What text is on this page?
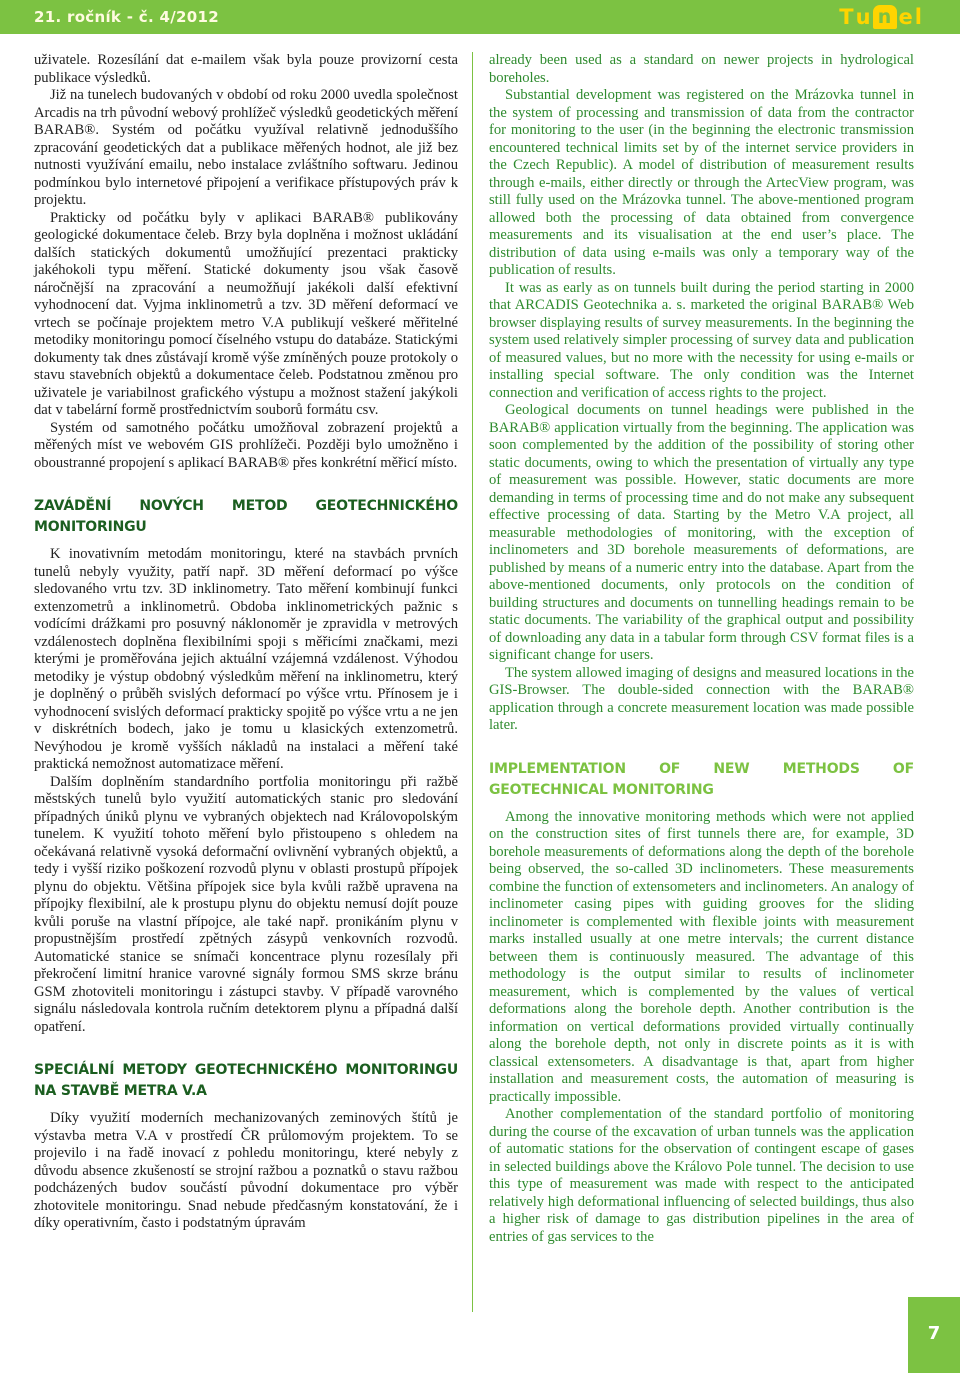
21. ročník - č. 4/2012	T u n e l

uživatele. Rozesílání dat e-mailem však byla pouze provizorní cesta publikace výsledků.

Již na tunelech budovaných v období od roku 2000 uvedla společnost Arcadis na trh původní webový prohlížeč výsledků geodetických měření BARAB®. Systém od počátku využíval relativně jednoduššího zpracování geodetických dat a publikace měřených hodnot, ale již bez nutnosti využívání emailu, nebo instalace zvláštního softwaru. Jedinou podmínkou bylo internetové připojení a verifikace přístupových práv k projektu.

Prakticky od počátku byly v aplikaci BARAB® publikovány geologické dokumentace čeleb. Brzy byla doplněna i možnost ukládání dalších statických dokumentů umožňující prezentaci prakticky jakéhokoli typu měření. Statické dokumenty jsou však časově náročnější na zpracování a neumožňují jakékoli další efektivní vyhodnocení dat. Vyjma inklinometrů a tzv. 3D měření deformací ve vrtech se počínaje projektem metro V.A publikují veškeré měřitelné metodiky monitoringu pomocí číselného vstupu do databáze. Statickými dokumenty tak dnes zůstávají kromě výše zmíněných pouze protokoly o stavu stavebních objektů a dokumentace čeleb. Podstatnou změnou pro uživatele je variabilnost grafického výstupu a možnost stažení jakýkoli dat v tabelární formě prostřednictvím souborů formátu csv.

Systém od samotného počátku umožňoval zobrazení projektů a měřených míst ve webovém GIS prohlížeči. Později bylo umožněno i oboustranné propojení s aplikací BARAB® přes konkrétní měřicí místo.

ZAVÁDĚNÍ NOVÝCH METOD GEOTECHNICKÉHO MONITORINGU

K inovativním metodám monitoringu, které na stavbách prvních tunelů nebyly využity, patří např. 3D měření deformací po výšce sledovaného vrtu tzv. 3D inklinometry. Tato měření kombinují funkci extenzometrů a inklinometrů. Obdoba inklinometrických pažnic s vodícími drážkami pro posuvný náklonoměr je zpravidla v metrových vzdálenostech doplněna flexibilními spoji s měřicími značkami, mezi kterými je proměřována jejich aktuální vzájemná vzdálenost. Výhodou metodiky je výstup obdobný výsledkům měření na inklinometru, který je doplněný o průběh svislých deformací po výšce vrtu. Přínosem je i vyhodnocení svislých deformací prakticky spojitě po výšce vrtu a ne jen v diskrétních bodech, jako je tomu u klasických extenzometrů. Nevýhodou je kromě vyšších nákladů na instalaci a měření také praktická nemožnost automatizace měření.

Dalším doplněním standardního portfolia monitoringu při ražbě městských tunelů bylo využití automatických stanic pro sledování případných úniků plynu ve vybraných objektech nad Královopolským tunelem. K využití tohoto měření bylo přistoupeno s ohledem na očekávaná relativně vysoká deformační ovlivnění vybraných objektů, a tedy i vyšší riziko poškození rozvodů plynu v oblasti prostupů přípojek plynu do objektu. Většina přípojek sice byla kvůli ražbě upravena na přípojky flexibilní, ale k prostupu plynu do objektu nemusí dojít pouze kvůli poruše na vlastní přípojce, ale také např. pronikáním plynu v propustnějším prostředí zpětných zásypů venkovních rozvodů. Automatické stanice se snímači koncentrace plynu rozesílaly při překročení limitní hranice varovné signály formou SMS skrze bránu GSM zhotoviteli monitoringu i zástupci stavby. V případě varovného signálu následovala kontrola ručním detektorem plynu a případná další opatření.

SPECIÁLNÍ METODY GEOTECHNICKÉHO MONITORINGU NA STAVBĚ METRA V.A

Díky využití moderních mechanizovaných zeminových štítů je výstavba metra V.A v prostředí ČR průlomovým projektem. To se projevilo i na řadě inovací z pohledu monitoringu, které nebyly z důvodu absence zkušeností se strojní ražbou a poznatků o stavu ražbou podcházených budov součástí původní dokumentace pro výběr zhotovitele monitoringu. Snad nebude předčasným konstatování, že i díky operativním, často i podstatným úpravám

already been used as a standard on newer projects in hydrological boreholes.

Substantial development was registered on the Mrázovka tunnel in the system of processing and transmission of data from the contractor for monitoring to the user (in the beginning the electronic transmission encountered technical limits set by of the internet service providers in the Czech Republic). A model of distribution of measurement results through e-mails, either directly or through the ArtecView program, was still fully used on the Mrázovka tunnel. The above-mentioned program allowed both the processing of data obtained from convergence measurements and its visualisation at the end user’s place. The distribution of data using e-mails was only a temporary way of the publication of results.

It was as early as on tunnels built during the period starting in 2000 that ARCADIS Geotechnika a. s. marketed the original BARAB® Web browser displaying results of survey measurements. In the beginning the system used relatively simpler processing of survey data and publication of measured values, but no more with the necessity for using e-mails or installing special software. The only condition was the Internet connection and verification of access rights to the project.

Geological documents on tunnel headings were published in the BARAB® application virtually from the beginning. The application was soon complemented by the addition of the possibility of storing other static documents, owing to which the presentation of virtually any type of measurement was possible. However, static documents are more demanding in terms of processing time and do not make any subsequent effective processing of data. Starting by the Metro V.A project, all measurable methodologies of monitoring, with the exception of inclinometers and 3D borehole measurements of deformations, are published by means of a numeric entry into the database. Apart from the above-mentioned documents, only protocols on the condition of building structures and documents on tunnelling headings remain to be static documents. The variability of the graphical output and possibility of downloading any data in a tabular form through CSV format files is a significant change for users.

The system allowed imaging of designs and measured locations in the GIS-Browser. The double-sided connection with the BARAB® application through a concrete measurement location was made possible later.

IMPLEMENTATION OF NEW METHODS OF GEOTECHNICAL MONITORING

Among the innovative monitoring methods which were not applied on the construction sites of first tunnels there are, for example, 3D borehole measurements of deformations along the depth of the borehole being observed, the so-called 3D inclinometers. These measurements combine the function of extensometers and inclinometers. An analogy of inclinometer casing pipes with guiding grooves for the sliding inclinometer is complemented with flexible joints with measurement marks installed usually at one metre intervals; the current distance between them is continuously measured. The advantage of this methodology is the output similar to results of inclinometer measurement, which is complemented by the values of vertical deformations along the borehole depth. Another contribution is the information on vertical deformations provided virtually continually along the borehole depth, not only in discrete points as it is with classical extensometers. A disadvantage is that, apart from higher installation and measurement costs, the automation of measuring is practically impossible.

Another complementation of the standard portfolio of monitoring during the course of the excavation of urban tunnels was the application of automatic stations for the observation of contingent escape of gases in selected buildings above the Královo Pole tunnel. The decision to use this type of measurement was made with respect to the anticipated relatively high deformational influencing of selected buildings, thus also a higher risk of damage to gas distribution pipelines in the area of entries of gas services to the

7
